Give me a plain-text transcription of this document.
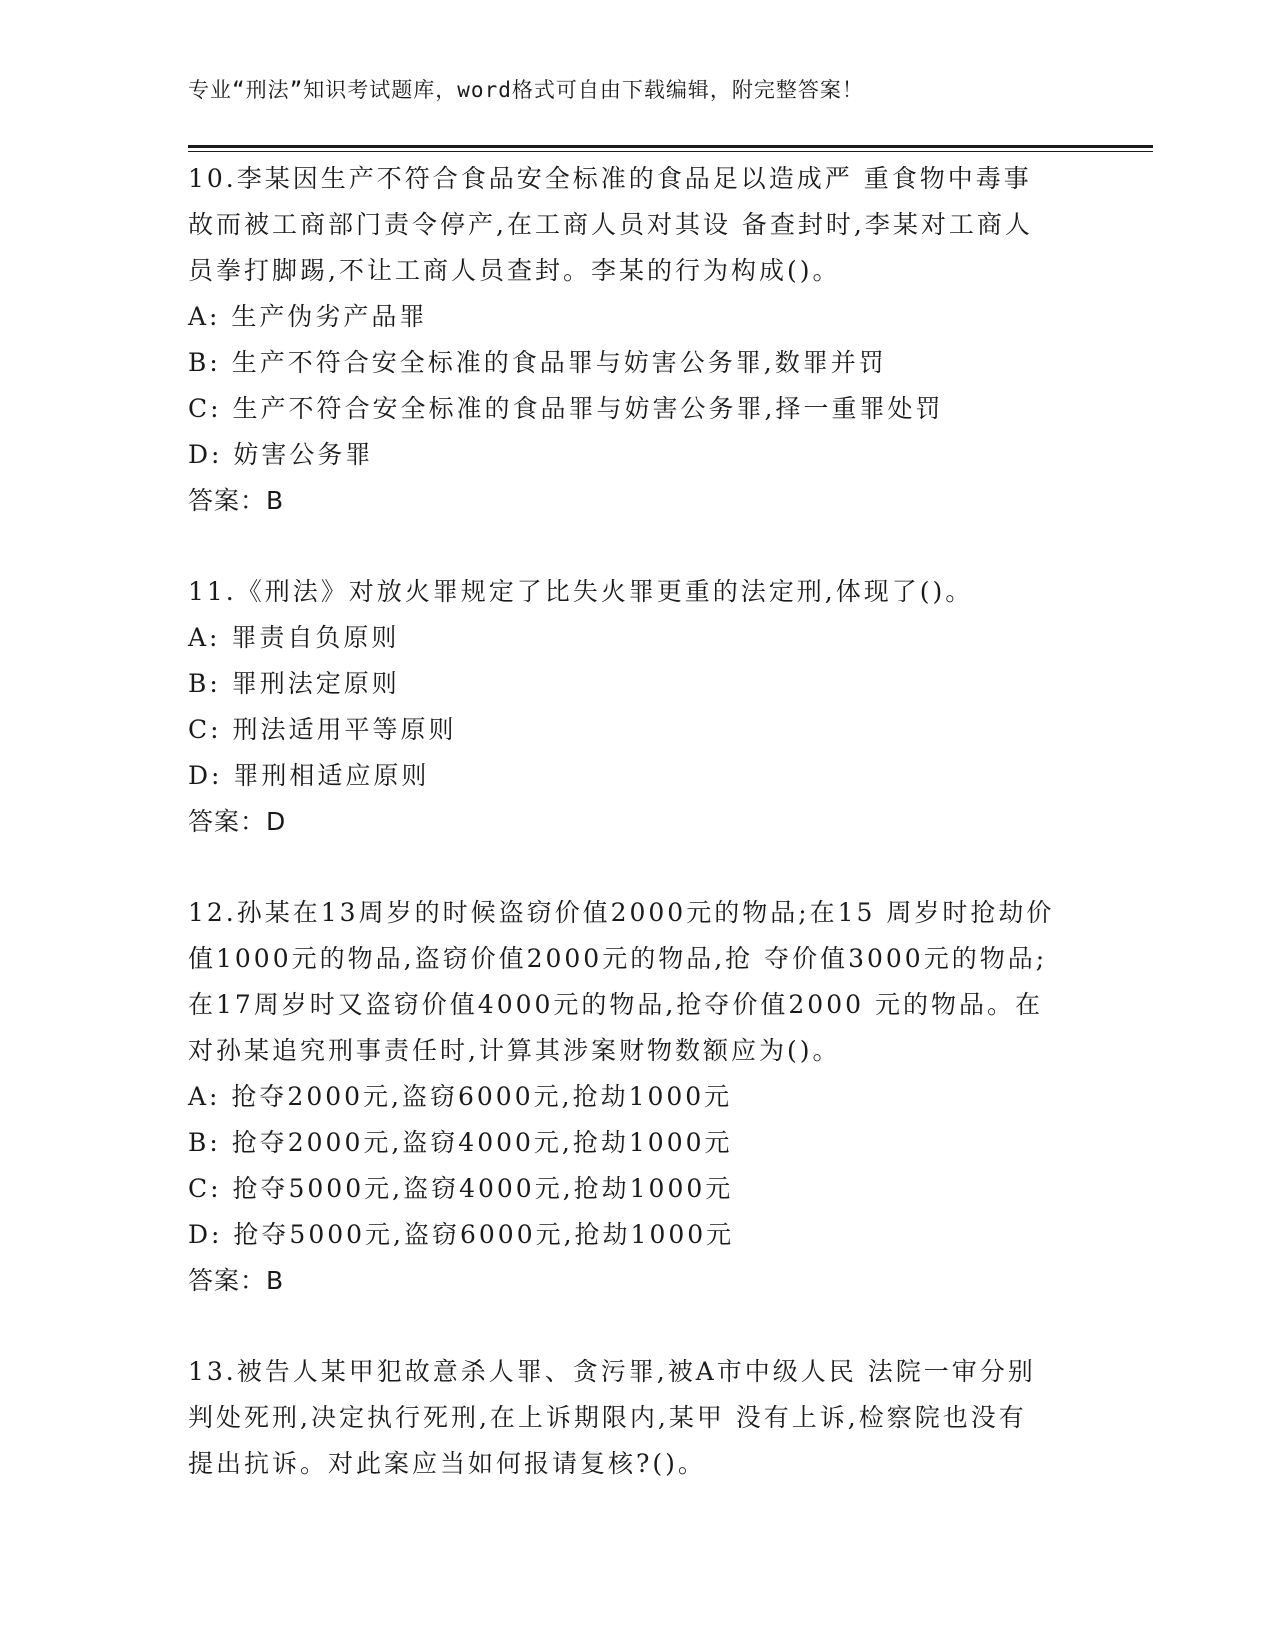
专业“刑法”知识考试题库，word格式可自由下载编辑，附完整答案！
10.李某因生产不符合食品安全标准的食品足以造成严 重食物中毒事
故而被工商部门责令停产,在工商人员对其设 备查封时,李某对工商人
员拳打脚踢,不让工商人员查封。李某的行为构成()。
A: 生产伪劣产品罪
B: 生产不符合安全标准的食品罪与妨害公务罪,数罪并罚
C: 生产不符合安全标准的食品罪与妨害公务罪,择一重罪处罚
D: 妨害公务罪
答案：B
11.《刑法》对放火罪规定了比失火罪更重的法定刑,体现了()。
A: 罪责自负原则
B: 罪刑法定原则
C: 刑法适用平等原则
D: 罪刑相适应原则
答案：D
12.孙某在13周岁的时候盗窃价值2000元的物品;在15 周岁时抢劫价
值1000元的物品,盗窃价值2000元的物品,抢 夺价值3000元的物品;
在17周岁时又盗窃价值4000元的物品,抢夺价值2000 元的物品。在
对孙某追究刑事责任时,计算其涉案财物数额应为()。
A: 抢夺2000元,盗窃6000元,抢劫1000元
B: 抢夺2000元,盗窃4000元,抢劫1000元
C: 抢夺5000元,盗窃4000元,抢劫1000元
D: 抢夺5000元,盗窃6000元,抢劫1000元
答案：B
13.被告人某甲犯故意杀人罪、贪污罪,被A市中级人民 法院一审分别
判处死刑,决定执行死刑,在上诉期限内,某甲 没有上诉,检察院也没有
提出抗诉。对此案应当如何报请复核?()。
